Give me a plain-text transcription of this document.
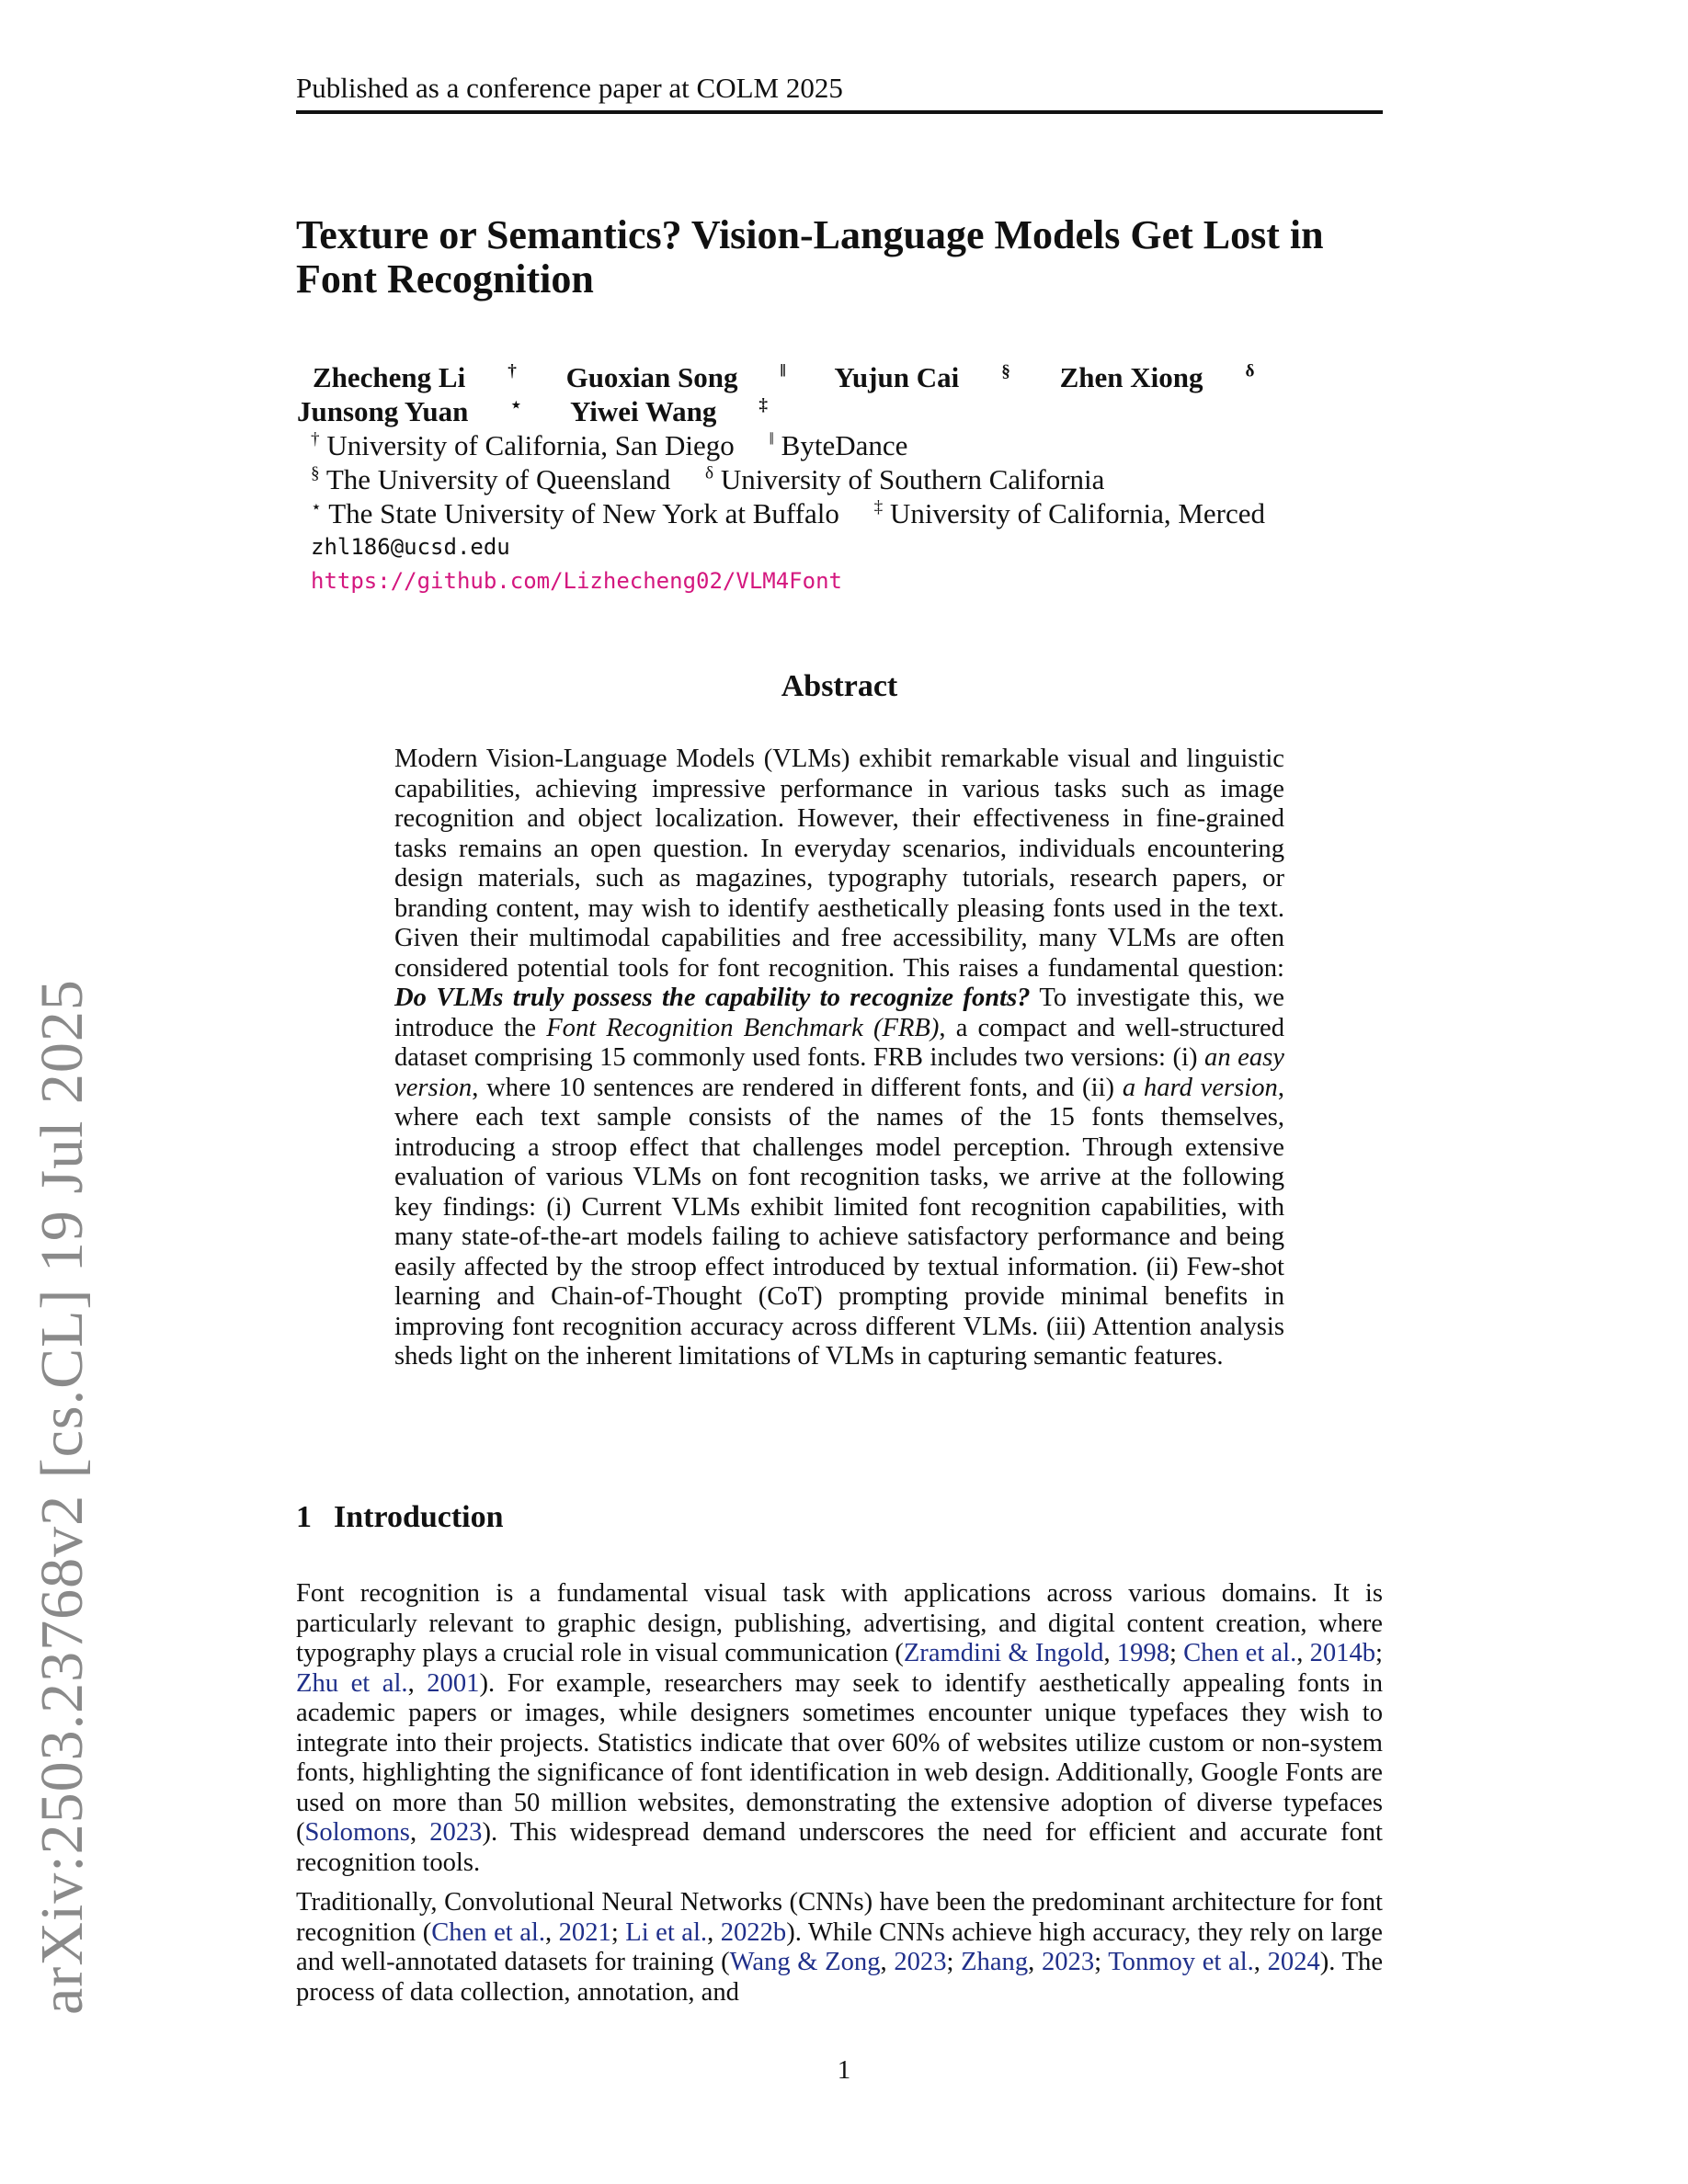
Published as a conference paper at COLM 2025
Texture or Semantics? Vision-Language Models Get Lost in Font Recognition
Zhecheng Li † Guoxian Song ‖ Yujun Cai § Zhen Xiong $^\delta$
Junsong Yuan ⋆ Yiwei Wang ‡
† University of California, San Diego ‖ ByteDance
§ The University of Queensland $^\delta$ University of Southern California
⋆ The State University of New York at Buffalo ‡ University of California, Merced
zhl186@ucsd.edu
https://github.com/Lizhecheng02/VLM4Font
arXiv:2503.23768v2 [cs.CL] 19 Jul 2025
Abstract

Modern Vision-Language Models (VLMs) exhibit remarkable visual and linguistic capabilities, achieving impressive performance in various tasks such as image recognition and object localization. However, their effectiveness in fine-grained tasks remains an open question. In everyday scenarios, individuals encountering design materials, such as magazines, typography tutorials, research papers, or branding content, may wish to identify aesthetically pleasing fonts used in the text. Given their multimodal capabilities and free accessibility, many VLMs are often considered potential tools for font recognition. This raises a fundamental question: Do VLMs truly possess the capability to recognize fonts? To investigate this, we introduce the Font Recognition Benchmark (FRB), a compact and well-structured dataset comprising 15 commonly used fonts. FRB includes two versions: (i) an easy version, where 10 sentences are rendered in different fonts, and (ii) a hard version, where each text sample consists of the names of the 15 fonts themselves, introducing a stroop effect that challenges model perception. Through extensive evaluation of various VLMs on font recognition tasks, we arrive at the following key findings: (i) Current VLMs exhibit limited font recognition capabilities, with many state-of-the-art models failing to achieve satisfactory performance and being easily affected by the stroop effect introduced by textual information. (ii) Few-shot learning and Chain-of-Thought (CoT) prompting provide minimal benefits in improving font recognition accuracy across different VLMs. (iii) Attention analysis sheds light on the inherent limitations of VLMs in capturing semantic features.

1 Introduction

Font recognition is a fundamental visual task with applications across various domains. It is particularly relevant to graphic design, publishing, advertising, and digital content creation, where typography plays a crucial role in visual communication (Zramdini & Ingold, 1998; Chen et al., 2014b; Zhu et al., 2001). For example, researchers may seek to identify aesthetically appealing fonts in academic papers or images, while designers sometimes encounter unique typefaces they wish to integrate into their projects. Statistics indicate that over 60% of websites utilize custom or non-system fonts, highlighting the significance of font identification in web design. Additionally, Google Fonts are used on more than 50 million websites, demonstrating the extensive adoption of diverse typefaces (Solomons, 2023). This widespread demand underscores the need for efficient and accurate font recognition tools.

Traditionally, Convolutional Neural Networks (CNNs) have been the predominant architecture for font recognition (Chen et al., 2021; Li et al., 2022b). While CNNs achieve high accuracy, they rely on large and well-annotated datasets for training (Wang & Zong, 2023; Zhang, 2023; Tonmoy et al., 2024). The process of data collection, annotation, and

1
